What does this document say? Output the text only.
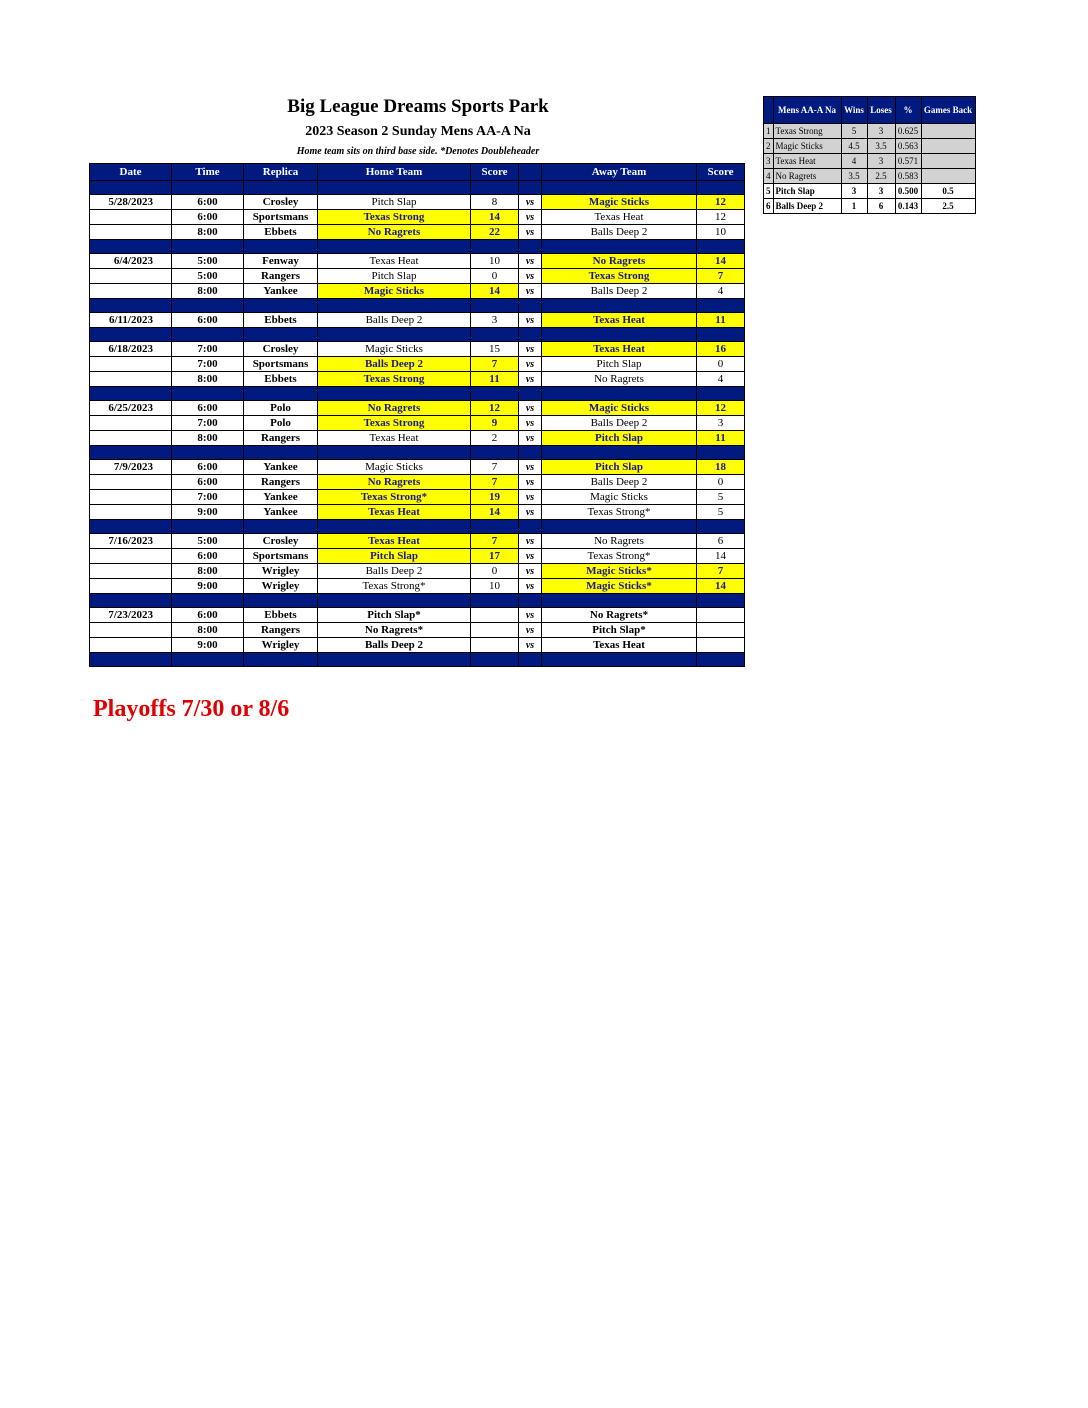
Big League Dreams Sports Park
2023 Season 2 Sunday Mens AA-A Na
Home team sits on third base side. *Denotes Doubleheader
Date	Time	Replica	Home Team	Score		Away Team	Score

5/28/2023	6:00	Crosley	Pitch Slap	8	vs	Magic Sticks	12
	6:00	Sportsmans	Texas Strong	14	vs	Texas Heat	12
	8:00	Ebbets	No Ragrets	22	vs	Balls Deep 2	10

6/4/2023	5:00	Fenway	Texas Heat	10	vs	No Ragrets	14
	5:00	Rangers	Pitch Slap	0	vs	Texas Strong	7
	8:00	Yankee	Magic Sticks	14	vs	Balls Deep 2	4

6/11/2023	6:00	Ebbets	Balls Deep 2	3	vs	Texas Heat	11

6/18/2023	7:00	Crosley	Magic Sticks	15	vs	Texas Heat	16
	7:00	Sportsmans	Balls Deep 2	7	vs	Pitch Slap	0
	8:00	Ebbets	Texas Strong	11	vs	No Ragrets	4

6/25/2023	6:00	Polo	No Ragrets	12	vs	Magic Sticks	12
	7:00	Polo	Texas Strong	9	vs	Balls Deep 2	3
	8:00	Rangers	Texas Heat	2	vs	Pitch Slap	11

7/9/2023	6:00	Yankee	Magic Sticks	7	vs	Pitch Slap	18
	6:00	Rangers	No Ragrets	7	vs	Balls Deep 2	0
	7:00	Yankee	Texas Strong*	19	vs	Magic Sticks	5
	9:00	Yankee	Texas Heat	14	vs	Texas Strong*	5

7/16/2023	5:00	Crosley	Texas Heat	7	vs	No Ragrets	6
	6:00	Sportsmans	Pitch Slap	17	vs	Texas Strong*	14
	8:00	Wrigley	Balls Deep 2	0	vs	Magic Sticks*	7
	9:00	Wrigley	Texas Strong*	10	vs	Magic Sticks*	14

7/23/2023	6:00	Ebbets	Pitch Slap*		vs	No Ragrets*	
	8:00	Rangers	No Ragrets*		vs	Pitch Slap*	
	9:00	Wrigley	Balls Deep 2		vs	Texas Heat	

	Mens AA-A Na	Wins	Loses	%	Games Back
1	Texas Strong	5	3	0.625	
2	Magic Sticks	4.5	3.5	0.563	
3	Texas Heat	4	3	0.571	
4	No Ragrets	3.5	2.5	0.583	
5	Pitch Slap	3	3	0.500	0.5
6	Balls Deep 2	1	6	0.143	2.5
Playoffs 7/30 or 8/6
